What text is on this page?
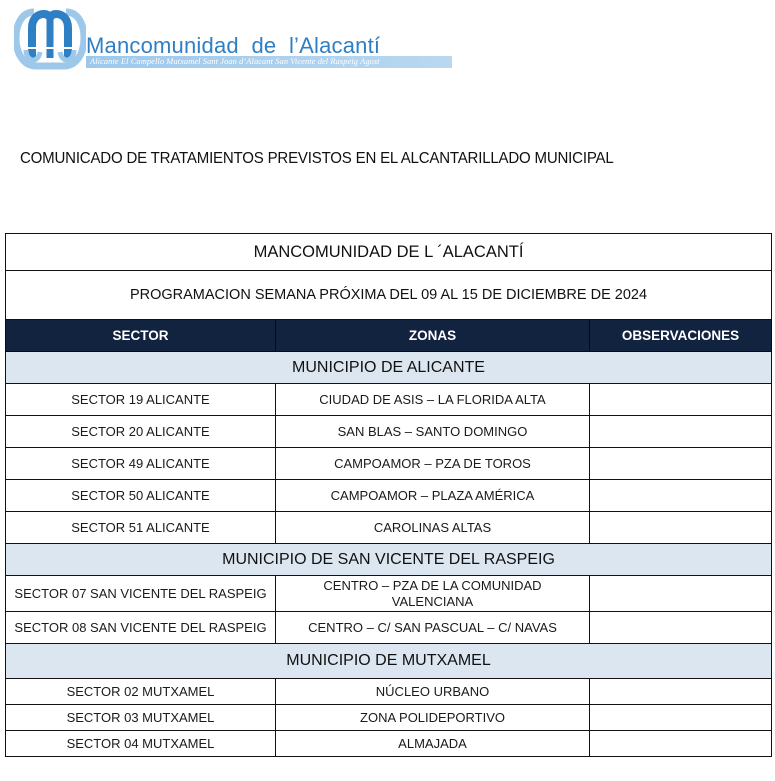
Mancomunidad  de  l’Alacantí
Alicante El Campello Mutxamel Sant Joan d’Alacant San Vicente del Raspeig Agost
COMUNICADO DE TRATAMIENTOS PREVISTOS EN EL ALCANTARILLADO MUNICIPAL
MANCOMUNIDAD DE L ´ALACANTÍ		
PROGRAMACION SEMANA PRÓXIMA DEL 09 AL 15 DE DICIEMBRE DE 2024		
SECTOR	ZONAS	OBSERVACIONES
MUNICIPIO DE ALICANTE		
SECTOR 19 ALICANTE	CIUDAD DE ASIS – LA FLORIDA ALTA	
SECTOR 20 ALICANTE	SAN BLAS – SANTO DOMINGO	
SECTOR 49 ALICANTE	CAMPOAMOR – PZA DE TOROS	
SECTOR 50 ALICANTE	CAMPOAMOR – PLAZA AMÉRICA	
SECTOR 51 ALICANTE	CAROLINAS ALTAS	
MUNICIPIO DE SAN VICENTE DEL RASPEIG		
SECTOR 07 SAN VICENTE DEL RASPEIG	CENTRO – PZA DE LA COMUNIDAD VALENCIANA	
SECTOR 08 SAN VICENTE DEL RASPEIG	CENTRO – C/ SAN PASCUAL – C/ NAVAS	
MUNICIPIO DE MUTXAMEL		
SECTOR 02 MUTXAMEL	NÚCLEO URBANO	
SECTOR 03 MUTXAMEL	ZONA POLIDEPORTIVO	
SECTOR 04 MUTXAMEL	ALMAJADA	
